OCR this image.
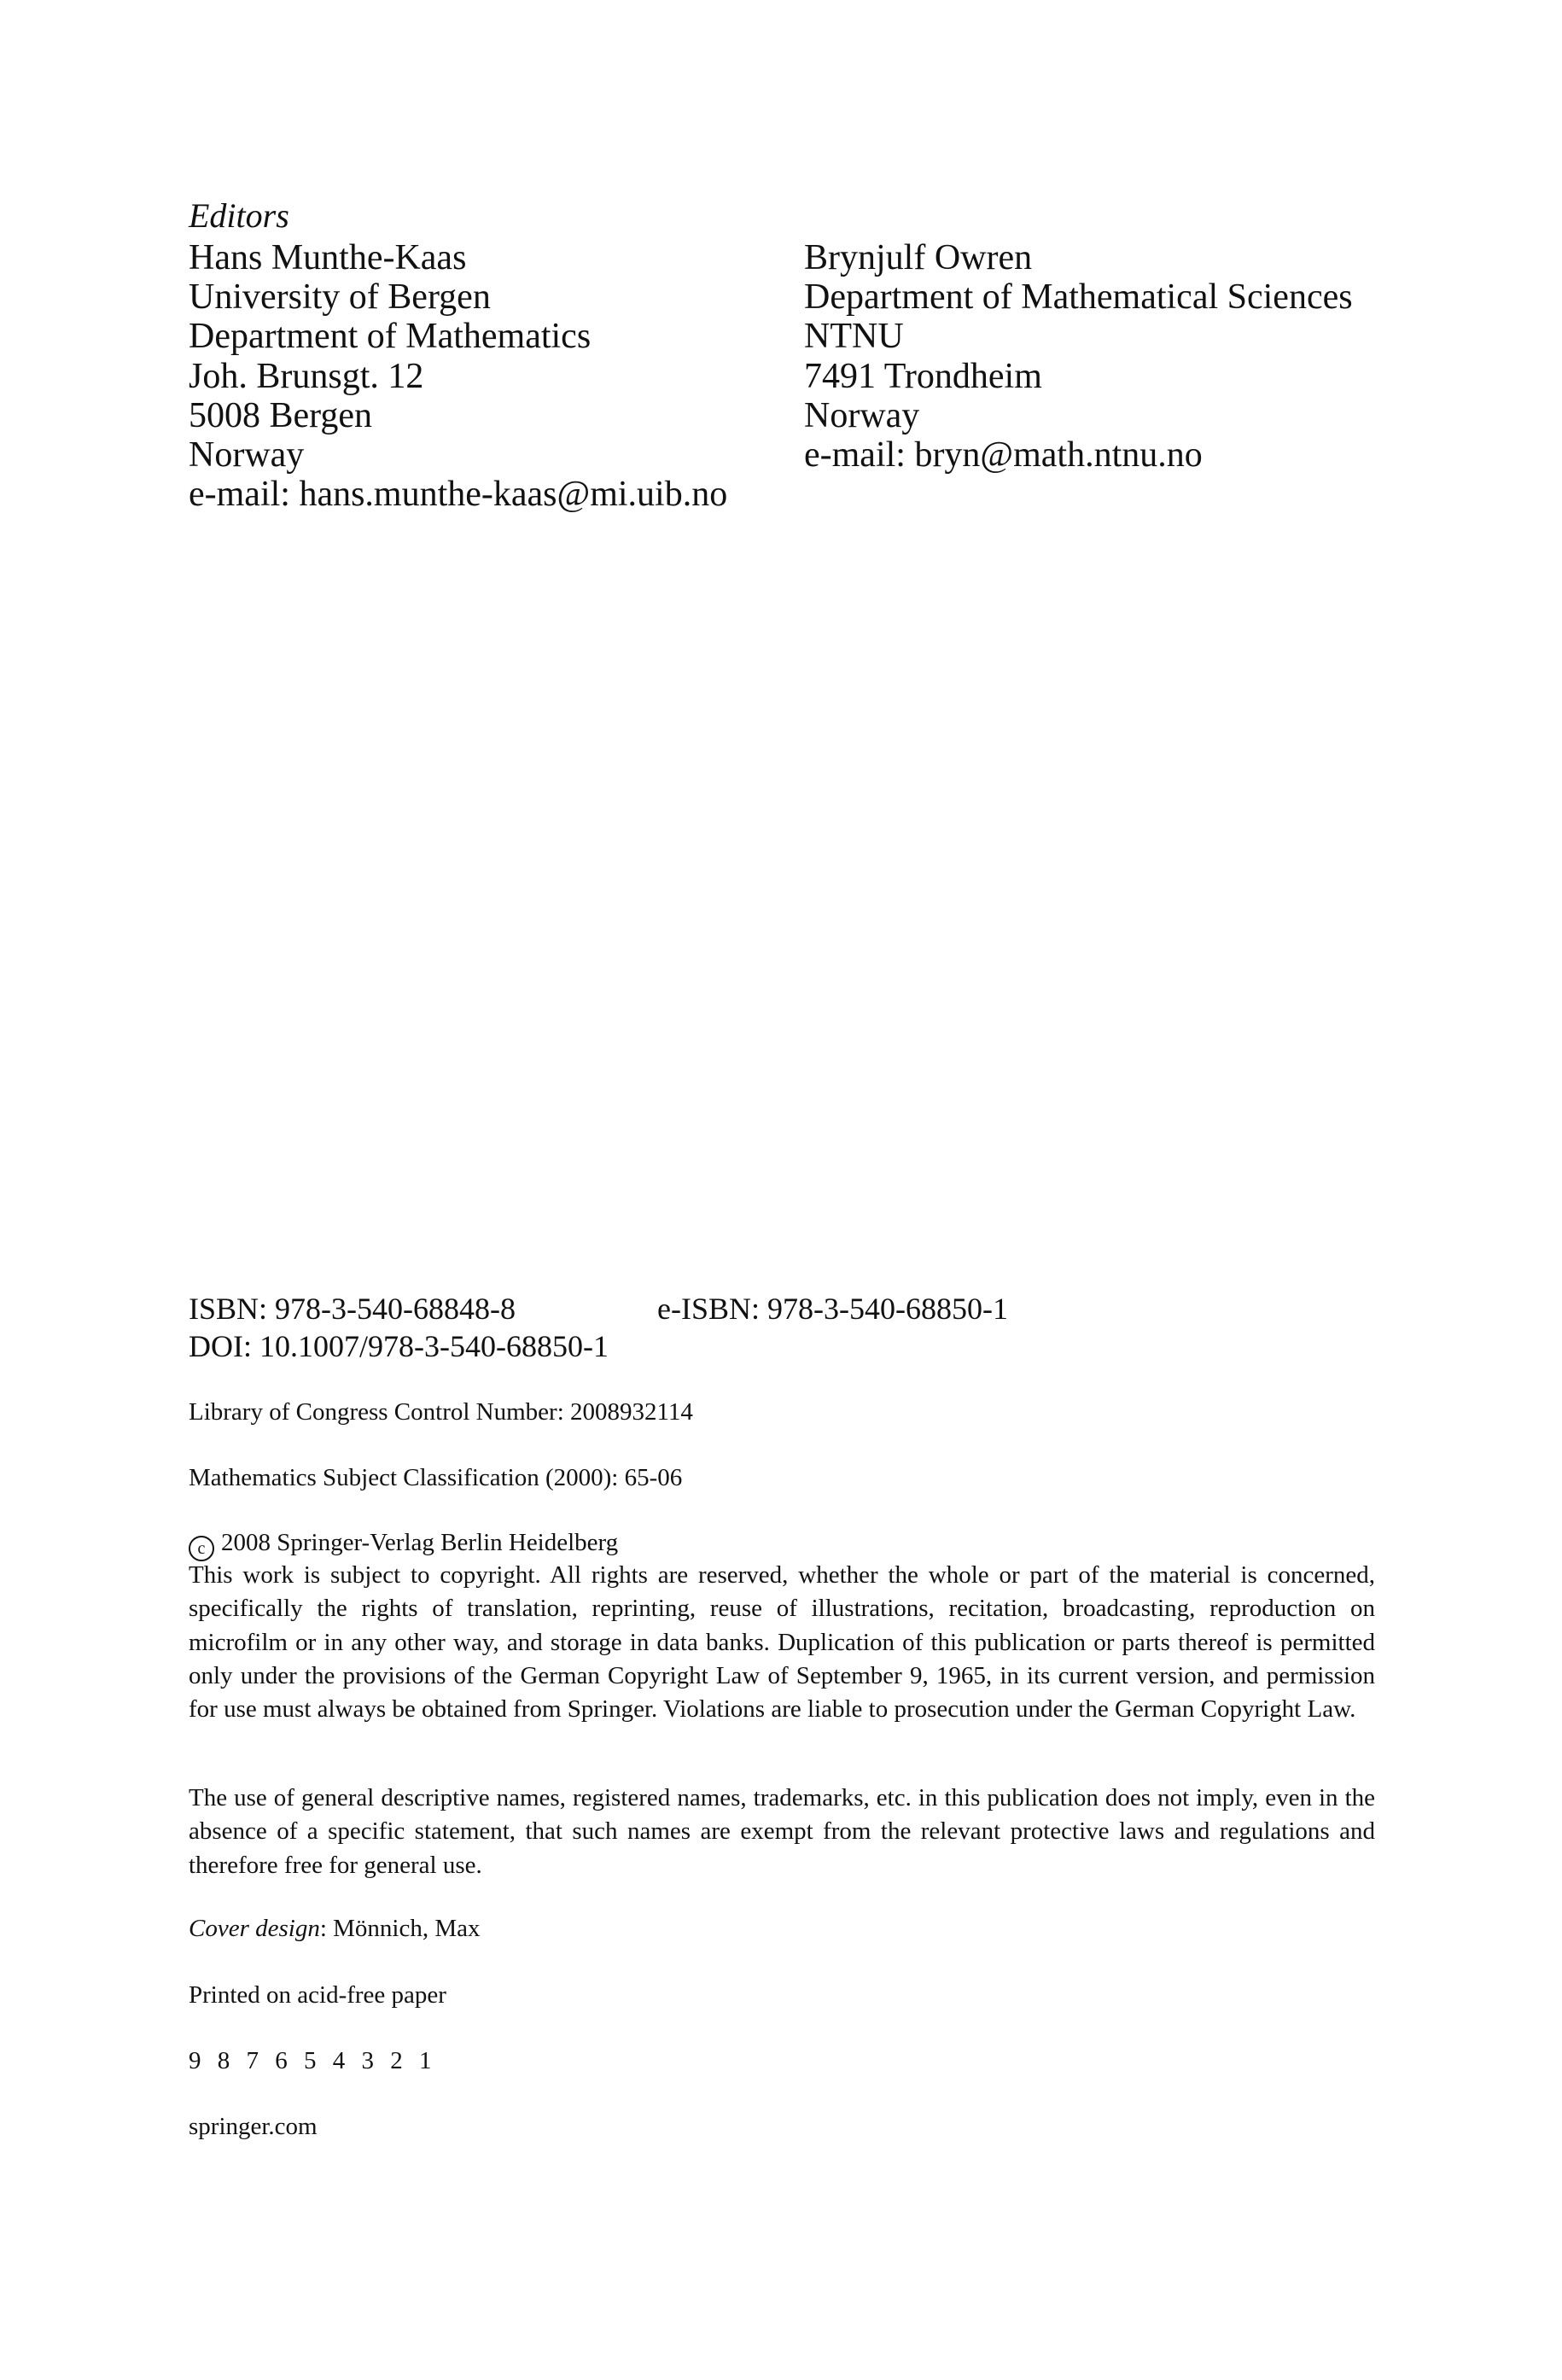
Editors
Hans Munthe-Kaas
University of Bergen
Department of Mathematics
Joh. Brunsgt. 12
5008 Bergen
Norway
e-mail: hans.munthe-kaas@mi.uib.no
Brynjulf Owren
Department of Mathematical Sciences
NTNU
7491 Trondheim
Norway
e-mail: bryn@math.ntnu.no
ISBN: 978-3-540-68848-8	e-ISBN: 978-3-540-68850-1
DOI: 10.1007/978-3-540-68850-1
Library of Congress Control Number: 2008932114
Mathematics Subject Classification (2000): 65-06
c 2008 Springer-Verlag Berlin Heidelberg
This work is subject to copyright. All rights are reserved, whether the whole or part of the material is concerned, specifically the rights of translation, reprinting, reuse of illustrations, recitation, broadcasting, reproduction on microfilm or in any other way, and storage in data banks. Duplication of this publication or parts thereof is permitted only under the provisions of the German Copyright Law of September 9, 1965, in its current version, and permission for use must always be obtained from Springer. Violations are liable to prosecution under the German Copyright Law.
The use of general descriptive names, registered names, trademarks, etc. in this publication does not imply, even in the absence of a specific statement, that such names are exempt from the relevant protective laws and regulations and therefore free for general use.
Cover design: Mönnich, Max
Printed on acid-free paper
9 8 7 6 5 4 3 2 1
springer.com
